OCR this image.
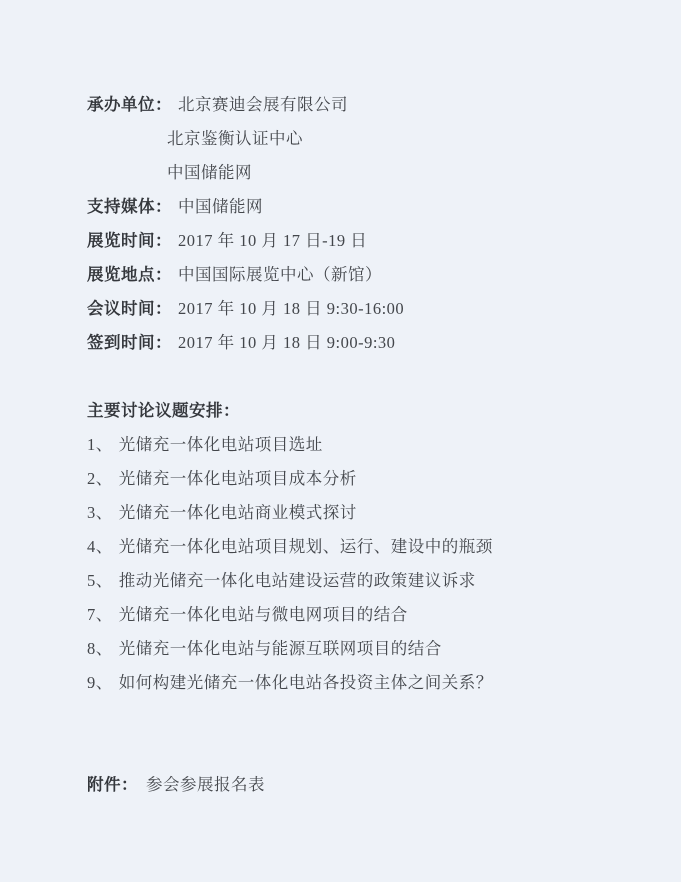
承办单位： 北京赛迪会展有限公司
北京鉴衡认证中心
中国储能网
支持媒体： 中国储能网
展览时间： 2017 年 10 月 17 日-19 日
展览地点： 中国国际展览中心（新馆）
会议时间： 2017 年 10 月 18 日 9:30-16:00
签到时间： 2017 年 10 月 18 日 9:00-9:30
主要讨论议题安排：
1、 光储充一体化电站项目选址
2、 光储充一体化电站项目成本分析
3、 光储充一体化电站商业模式探讨
4、 光储充一体化电站项目规划、运行、建设中的瓶颈
5、 推动光储充一体化电站建设运营的政策建议诉求
7、 光储充一体化电站与微电网项目的结合
8、 光储充一体化电站与能源互联网项目的结合
9、 如何构建光储充一体化电站各投资主体之间关系？
附件： 参会参展报名表
